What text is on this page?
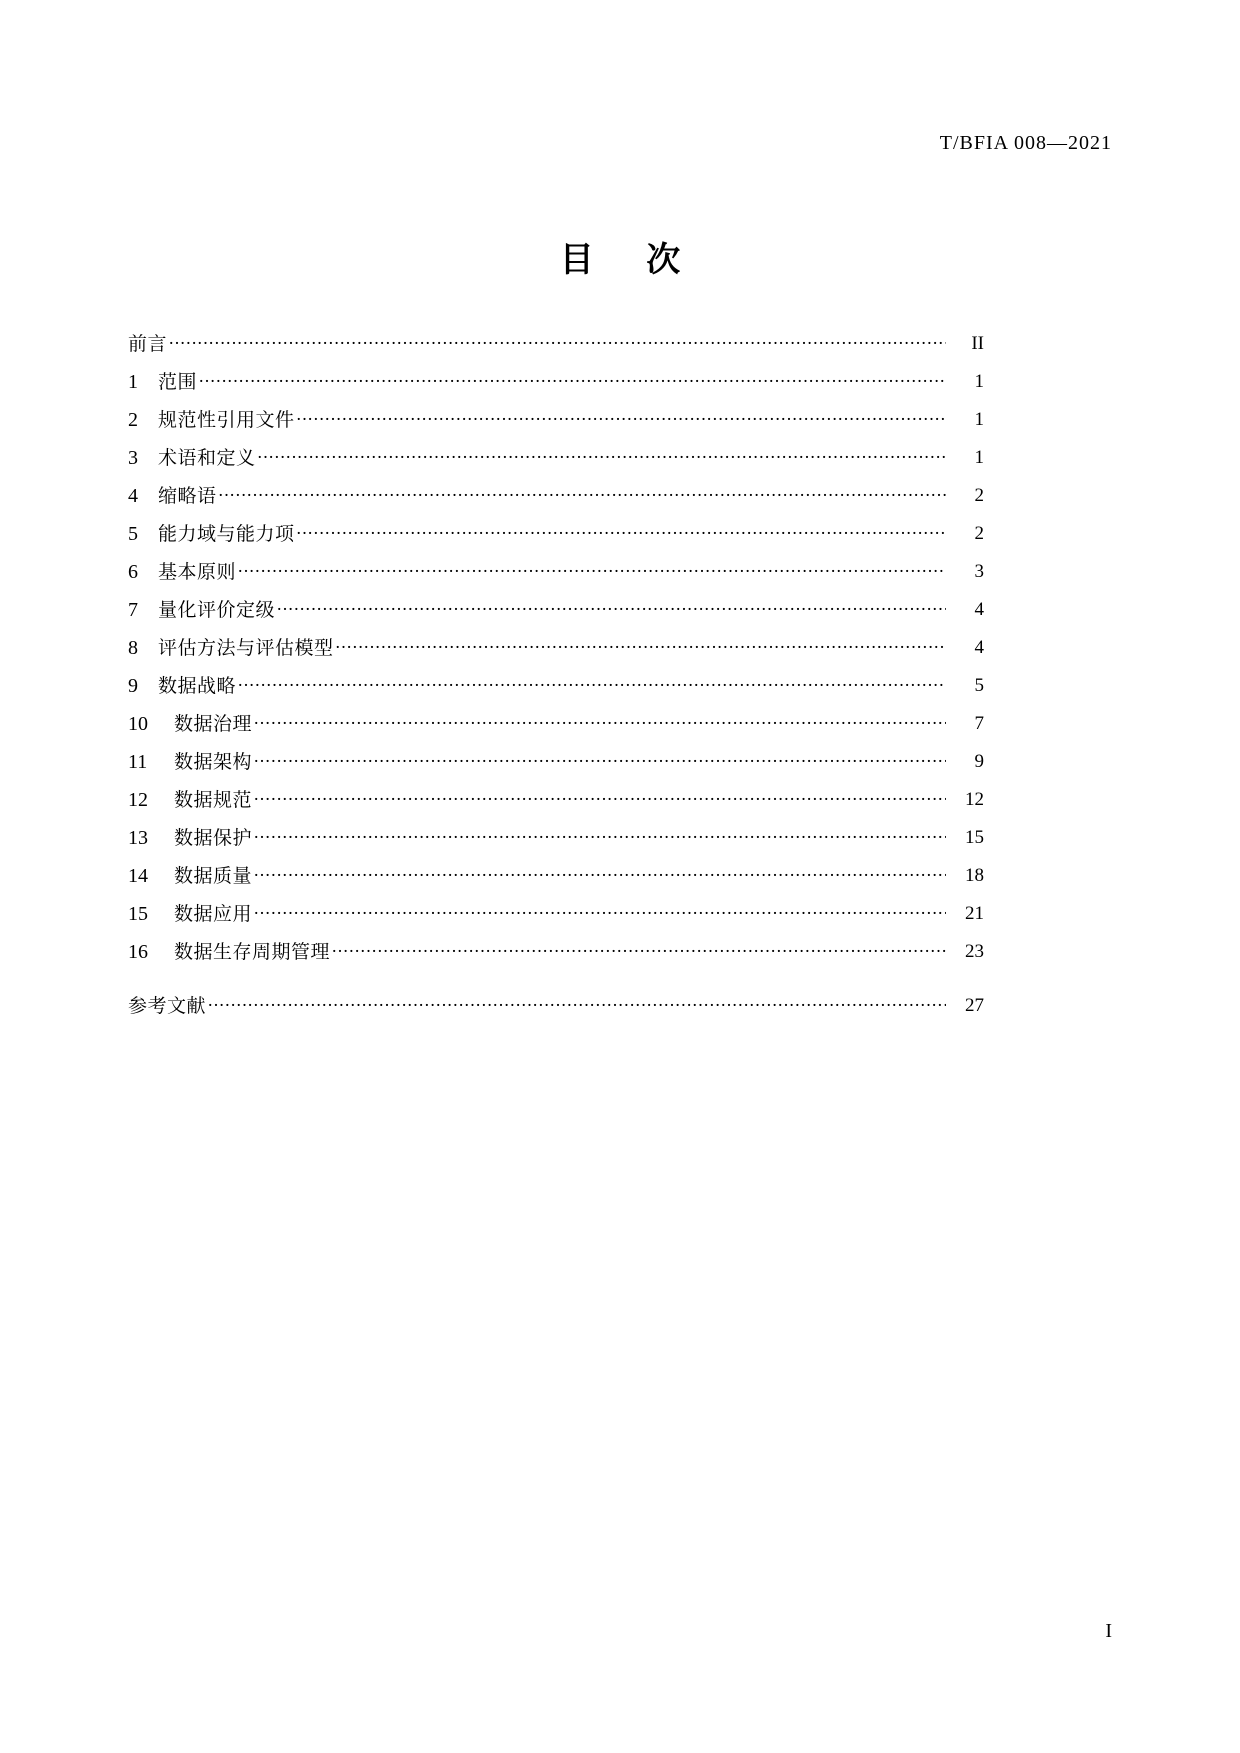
T/BFIA 008—2021
目 次
前言 .....	II
1	范围 .....	1
2	规范性引用文件 .....	1
3	术语和定义 .....	1
4	缩略语 .....	2
5	能力域与能力项 .....	2
6	基本原则 .....	3
7	量化评价定级 .....	4
8	评估方法与评估模型 .....	4
9	数据战略 .....	5
10	数据治理 .....	7
11	数据架构 .....	9
12	数据规范 .....	12
13	数据保护 .....	15
14	数据质量 .....	18
15	数据应用 .....	21
16	数据生存周期管理 .....	23
参考文献 .....	27
I
